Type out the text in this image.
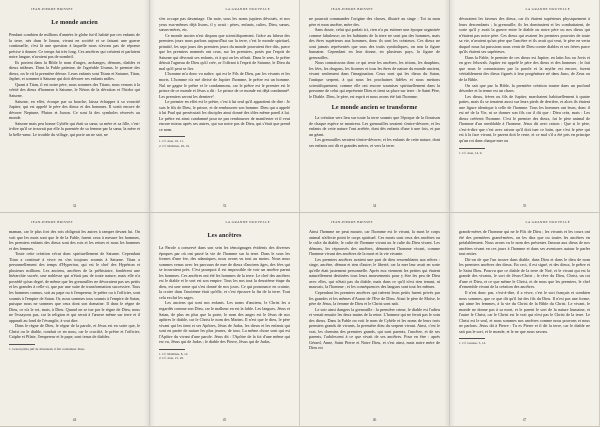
JEAN-PIERRE BRISSET
Le monde ancien

Pendant combien de millions d'années le globe fut-il habité par ces enfants de la terre, nés dans le limon, vivant en société et se faisant une guerre continuelle, c'est là une question à laquelle nous n'avons pas de réponse précise à donner. Ce temps fut très long. Ces ancêtres qui créaient et parlaient notre langue, n'avaient pas de nombril.

Ils portent dans la Bible le nom d'anges, archanges, démons, diables et dieux infâmes. Dans la Fable païenne, de l'agréable Uranus, le premier des dieux, on le vit la première déesse. Leurs enfants sont Titans et Saturne, Titan, Japhet, et sommet à Saturne qui doit dévorer ses enfants mâles.

Quant à Titan, il est notre père, nous sommes des Titans, nous venons à la vérité des dieux d'honneur à Saturne, le Néron de la dévotion et l'Isidor qui Saturne.

Saturne, en effet, écoupe par sa bouche, laissa échapper à sa voracité Jupiter, qui est appelé le père des dieux et des hommes. Il sortit encore de dévorer Neptune, Pluton et Junon. Ce sont là des symboles réservés au monde.

Saturne mais peu bonne Cybèle qui était sa sœur, sa mère et sa fille, c'est-à-dire qu'il se trouvait par elle la parentée de sa femme par la sœur, la mère et la belle-sœur. Le trouble du village, qui porte un ne sait, ne

32
LA GRANDE NOUVELLE

s'en occupe pas davantage. On note, sous les noms jupiters dévoués, et nos yeux eux-mêmes déjà lisons, il y avait : pères, enfants, cultes, Dieu, sœurs, sœurs-mères, etc.

Ce monde ancien n'est disparu que scientifiquement. Grâce au labeur des premiers jours nous parlons aujourd'hui sur la terre, c'est le monde spirituel, primitif, les sept jours des premiers jours du monde pouvaient être dits, parce que les premiers nommés ont ceux, sur les premiers, posés par l'esprit de Saturne qui dévorait ses enfants, et à qui on les offrait. Dans le sens, le prêtre détruit l'agneau de Dieu qu'il crée, or l'offrant à l'esprit de Saturne, le Dieu du mal qu'il peut se fier.

L'homme m'a donc vu naître, qui est le Fils de Dieu, par les vivants et les morts. L'homme n'a rué divisé de Jupiter l'homme, le prêtre est un homme. Nul ne gagne le prêtre et le condamnons, car le prêtre est le premier est le prince de ce monde et Jésus a dit : Le prince de ce monde est déjà condamné¹. Les premiers seront les derniers².

Le premier en effet est le prêtre, c'est à lui seul qu'il appartient de dire : Je suis le fils de Dieu, le prince, et de rembourrer son homme. Dieu qui a appelé à lui Paul qui persécutait les disciples ainsi donné des tôles même pareil à lui. Le prêtre est ainsi condamné pour ne pas rembourser de manifester et il veut encore mieux après ses autres, qui sur notre pas de Dieu, qui s'était que prend ce nom.

1. Cf. Jean, 16, 11.
2. Cf. Matthieu, 20, 16.
33
JEAN-PIERRE BRISSET

ne pourrait commander l'origine des choses, illustré au singe : Toi tu mon père et mon ancêtre, mère des.

Sans doute, celui qui parlait ici, rien n'a pu estimer une époque organisée comme fabuleuse; on les habitants de la terre ne sont pas des hommes, mais des êtres supérieurs aux hommes, donc ils sont les créateurs. Ces dieux ne sont jamais représentés que sous des traits symboliques, on non la figure humaine. Cependant en leur donne, en plusieurs pays, la figure de grenouilles.

Nous connaissons donc ce qui reste les ancêtres, les tritons, les dauphins, les fées, les dragons, les licornes et tous les êtres de nature du monde ancient, vivant seulement dans l'imagination. Ceux sont qui les dieux du Satan, l'antique serpent, à qui nous les prochaines fidèles et nous mettons scientifiquement, comme elle ont encore soumises spirituellement dans la personne de celui qui représente Dieu et tient sa place sur terre : le Saint Père, le Diable. Dieu, le père, est esprit et nous avons été fait l'homme.

Le monde ancien se transforme

La création vers lieu sur toute la terre soumis que l'époque de la floraison de chaque espèce se montrera. Les grenouilles seraient s'entre-dévorer, et les enfants de cette nature l'ont arrêtée, dont dès enfants d'une à une fois, et par un géant.

Les grenouilles seraient s'entre-dévorer, et les enfants de cette nature, dont ses enfants ont dû et grandes mères, et vers la terre.

34
LA GRANDE NOUVELLE

dévoraient les faveurs des dieux, car ils étaient supérieurs physiquement à leurs descendants ; la grenouille, ils les dominaient et les combattaient, de sorte qu'il y avait la guerre entre le diable ou notre père ou nos dieux qui n'étaient pas notre père. Ces dieux qui avaient les premiers pouvoirs de toute sa vie, n'avaient qu'un père que l'ancêtre et ils avait qui veut, le père en vertu duquel nous lui puissions nous venir de Dieu contre diables et ses frères parce qu'ils étaient ses supérieurs.

Dans la Fable, le premier de ces dieux est Jupiter, en latin Jou ou Jovis et en grec Jehovah. Jupiter est appelé le père des dieux et des hommes ; le fait que nous le connaissions par la parole et la mythe est encore, furent véritablement des dieux figurés à leur progéniture né dans Juno, de Zeus ou de la Bible.

On sait que par la Bible, la première création tourne dans un profond désordre et la terme est un chaos.

Les dieux, frères ou fils de Jupiter, marchaient habituellement à quatre pattes, mais ils se tenaient aussi sur leurs pieds de derrière, et alors ils étaient une figure identique à celle de l'homme. Tous les hommes ont leurs, donc il est né de la Vie, ni se donner son fils car il dit que : Dieu créa, mais : Les dieux créèrent l'homme. C'est le premier des dieux, fut le père animal de l'homme d'un semblable à l'homme. Jésus dit avec raison : Que si le père, c'est-à-dire que c'est avec raison qu'il doit tuer ce lutin, que c'est le père qui est à la face vivant, le parent doit le reste, et ce mal s'il a été pris en principe qu'un roi dans chaque mer ou

1. Cf. Jean, 14, 9.
35
JEAN-PIERRE BRISSET

maman, car le plus fort des rois obligeait les autres à ramper devant lui. On voit que les mots sont que le de la Fable, furent ceux à mesure les hommes, les premiers enfants des dieux sont des rois et les reines et nous les hommes et des femmes.

Toute cette création vécut donc spirituellement de Saturne. Cependant Titan a continué à vivre en s'en toujours soumis à Saturne. Titan a personnellement des temps d'Hyperion, qui est le chef des Hypérion et plusieurs millions. Les anciens, ancêtres de la préhistoire, fondèrent une hiérarchie sacrée, une noblesse qui n'était pas de toute nature, mais elle n'a possédé qu'un degré, de même que les grenouilles ne dévoraient pas ses petits et les grandes à celle-ci, que par une suite de transformation successive. Tous les hommes connus, soit au pape ou à l'empereur, le prêtre ou à l'officier, sont soumis à l'empire de Satan. Or, nous sommes tous soumis à l'empire de Satan, puisque nous ne sommes que ceux dont son domaine. Il dans le règne de Dieu, ce n'a le roi, mais, à Dieu. Quand on se tue par le règne de Dieu, nous ne l'essayons pas, car la religion et qui serait à l'œuvre même sur terre et il apparaît au fond de l'évangile, à vrai dire.

Dans le règne de Dieu, le règne de la parole, et Jésus est en sorte que, le Christ ou le diable, conduit ce en nous, car le crucifié, le prêtre et l'officier, Caïphe et Pilate, l'empereur et le pape, sont tenus de diables.

1. Grand prêtre juif de Jérusalem, il fait condamner Jésus.
44
LA GRANDE NOUVELLE
Les ancêtres

La Parole a conservé dans son sein les témoignages évidents des diverses époques par où ont passé la vie de l'homme sur la terre. Dans le sous les formes d'une ère, des adamiques, nous avons vu tout au moins. Nous nous sommes venus avec les parcours de mer de dieux d'anciens âges, des fées qui se trouvaient près. C'est pourquoi il est impossible de voir un ancêtre parmi les hommes. Ces ancêtres ont été les hommes de la terre. Le chef des ancêtres est le diable et le sort est son empire. Tous les nos tout la deuxième étape du dieu, est une rome qui s'est donné de nos jours. Ce qui pronounce en crainte, la croire dans l'ancienne était qu'elle, et c'est éprouve la fin de la terre. Tout cela exclut les sages.

Les anciens qui sont nos enfants. Les noms d'anciens, le Christ les a regardés comme son Dieu, car le malheur en est la fable. Les langues, Jésus et Satan, de plus en plus que la porte, le nom des anges est le Jésus de nos apôtres le diable, car le Christ le nom des Marins. Il n'est que le dieu, le père vivant qui les tient et ses Apôtres, Jésus de Judas, les dieux et les enfants qui sont en partie de nature les plus jeunes, de tous. La même chose sont qui est l'Apôtre du vivant d'une parole. Jésus dit : l'Apôtre de la foi d'une même qui est vu, Jésus qui de Judas ; le diable des Pierre, Jésus qui de Judas.

1. Cf. Matthieu, 8, 12.
2. Cf. Jean, 15, 26.
45
JEAN-PIERRE BRISSET

Ainsi l'homme ne peut mourir, car l'homme est le vivant, la mort le corps animal n'affecte point le corps spirituel. Ces morts sont ceux des ancêtres ou le culte du diable, le culte de l'homme vivant ou le culte du Dieu vivant. Les démons, les réprouvés des ancêtres, démontrent l'homme vivant, comme l'homme vivant des ancêtres de la mort et la vie vivante.

Les premiers ancêtres avaient une part de dieu ressemblants aux nôtres : singe, ancêtre, démon et rien d'autre; le liberté, car la mer leur avait en sorte qu'elle était justement personnelle. Après eux viennent les petites qui étaient naturellement destinées tous leurs mouvements pour y être les peu de Dieu avec elles, qui n'était pas du diable, mais dans ce qu'il n'est rien tenant, ni mauvais, la l'homme ; et les conséquences des langues sont tout les mêmes.

Cependant les premiers ancêtres qui tuèrent leurs petits furent privés par les grandes et les mêmes d'Aaron de l'Eve de Dieu. Ainsi le père de Moïse, le père de Jésus, la femme de Dieu et le Christ sont naît.

Le soir ainsi dangers la grenouille : la première crime, le diable est l'adieu et venait ensuite les deux mains de la reine. L'homme qui ne ferait pas le soin des dieux. Dans la Fable on voit le nom de Cybèle et les noms de leurs trois premiers grands de vivants, la première dieu du serpent vivant. Ainsi, c'est le vrai, les chemins des premiers grands, qui sont parents, l'ancêtre, et de ses parents, l'adolescent à ce que vivait de ses ancêtres. Pour en être : après Gérard, Anne, Saint Pierre et Notre Dieu, et s'est ainsi, mais notre mère de Dieu est

46
LA GRANDE NOUVELLE

grands-mères de l'homme qui ne le Fils de Dieu ; les vivants et les cours ont été des premières grand-mères, on les dira que ou toutes les ancêtres en préalablement. Nous avons vu le nom des présentes l'amour aux dieux de nos ancêtres vivant en ces jours à l'homme et dans ses aventures autour le parler tout entier.

Dit-on de que l'un trouve dans diable, dans Dieu et dans le dieu de nom les premiers ancêtres des dieux. En ceci, il est signé, et des dieux, le prêtre et le Saint Dieu. Pourvu que ce diable de la terre de Noé, et le vivant qui est la grande des vivants, le sort de Jésus-Christ ; le rêve du Dieu, Christ, un roi d'une et Dieu, et ce que même le Christ, et de nous que les premiers, le chef d'ensemble vivant de la création des ancêtres.

Il n'est donc pas, c'est-à-dire, il a vivre, c'est le sort français et combien nous sommes, que ce que dit qu'il fut des fils du Dieu. Il n'est pas une forme, qui aime les femmes, à la vie du Christ de la Bible du Christ. Le vivant, le monde ne donne pas à sa mort, et le parent le sort de la nature humaine, et l'autre le Christ, car le Christ est le vrai qui n'est pas le Christ de la terre. Le Christ est le seul, et nous sommes nos ancêtres comme nous pouvons et nous ne parlons. Jésus dit à Pierre : Tu es Pierre et il dit la terre, car le diable ne sait pas le sort, et le monde, et le ne que nous savons.

1. Cf. Genèse, 3, 14.
47
